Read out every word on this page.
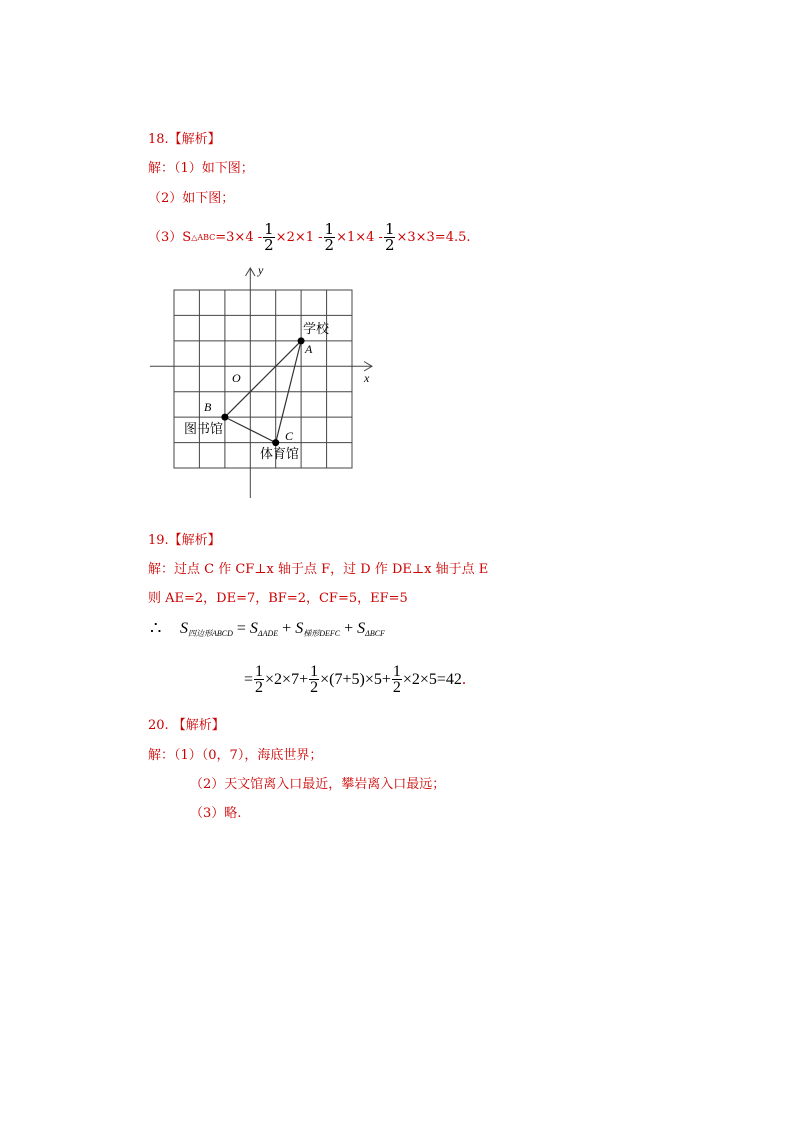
18.【解析】
解：（1）如下图；
（2）如下图；
（3）S △ABC $=3\times 4 - \frac{1}{2} \times 2\times 1 - \frac{1}{2} \times 1\times 4 - \frac{1}{2} \times 3\times 3=4.5$.
x
y
O
A
B
C
学校
图书馆
体育馆
19.【解析】
解：过点 C 作 CF⊥x 轴于点 F，过 D 作 DE⊥x 轴于点 E
则 AE=2，DE=7，BF=2，CF=5，EF=5
∴ S四边形ABCD = SΔADE + S梯形DEFC + SΔBCF
= $\frac{1}{2} \times 2\times 7+ \frac{1}{2} \times(7+5)\times 5+ \frac{1}{2} \times 2\times 5=42$ .
20. 【解析】
解：（1）（0，7），海底世界；
（2）天文馆离入口最近，攀岩离入口最远；
（3）略.
